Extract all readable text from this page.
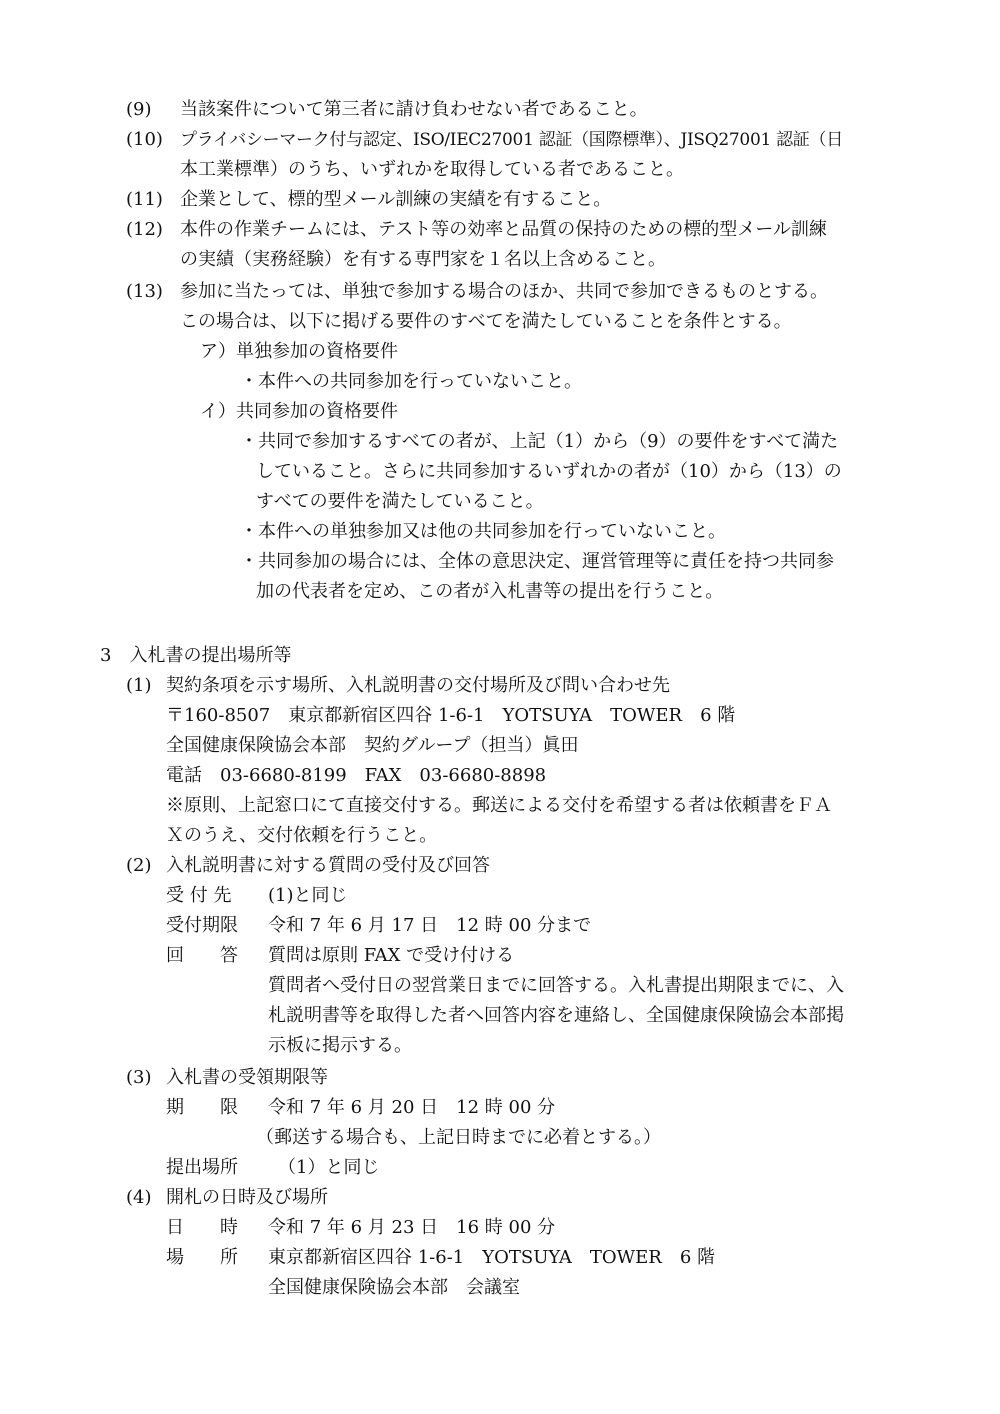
(9) 当該案件について第三者に請け負わせない者であること。
(10) プライバシーマーク付与認定、ISO/IEC27001 認証（国際標準）、JISQ27001 認証（日
本工業標準）のうち、いずれかを取得している者であること。
(11) 企業として、標的型メール訓練の実績を有すること。
(12) 本件の作業チームには、テスト等の効率と品質の保持のための標的型メール訓練
の実績（実務経験）を有する専門家を１名以上含めること。
(13) 参加に当たっては、単独で参加する場合のほか、共同で参加できるものとする。
この場合は、以下に掲げる要件のすべてを満たしていることを条件とする。
ア）単独参加の資格要件
・本件への共同参加を行っていないこと。
イ）共同参加の資格要件
・共同で参加するすべての者が、上記（1）から（9）の要件をすべて満た
していること。さらに共同参加するいずれかの者が（10）から（13）の
すべての要件を満たしていること。
・本件への単独参加又は他の共同参加を行っていないこと。
・共同参加の場合には、全体の意思決定、運営管理等に責任を持つ共同参
加の代表者を定め、この者が入札書等の提出を行うこと。
3　入札書の提出場所等
(1) 契約条項を示す場所、入札説明書の交付場所及び問い合わせ先
〒160-8507　東京都新宿区四谷 1-6-1　YOTSUYA　TOWER　6 階
全国健康保険協会本部　契約グループ（担当）眞田
電話　03-6680-8199　FAX　03-6680-8898
※原則、上記窓口にて直接交付する。郵送による交付を希望する者は依頼書をＦＡ
Ｘのうえ、交付依頼を行うこと。
(2) 入札説明書に対する質問の受付及び回答
受 付 先 (1)と同じ
受付期限 令和 7 年 6 月 17 日　12 時 00 分まで
回　　答 質問は原則 FAX で受け付ける
質問者へ受付日の翌営業日までに回答する。入札書提出期限までに、入
札説明書等を取得した者へ回答内容を連絡し、全国健康保険協会本部掲
示板に掲示する。
(3) 入札書の受領期限等
期　　限 令和 7 年 6 月 20 日　12 時 00 分
（郵送する場合も、上記日時までに必着とする。）
提出場所 （1）と同じ
(4) 開札の日時及び場所
日　　時 令和 7 年 6 月 23 日　16 時 00 分
場　　所 東京都新宿区四谷 1-6-1　YOTSUYA　TOWER　6 階
全国健康保険協会本部　会議室
